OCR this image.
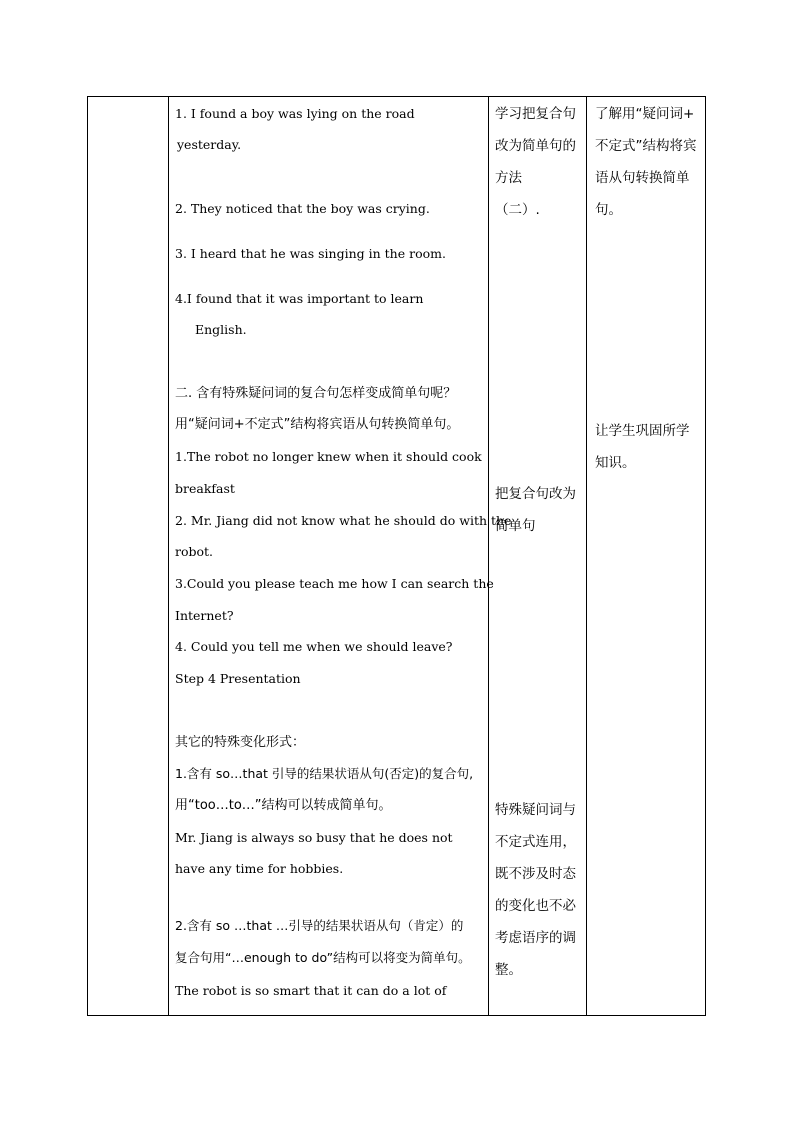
1. I found a boy was lying on the road
yesterday.
2. They noticed that the boy was crying.
3. I heard that he was singing in the room.
4.I found that it was important to learn
English.
二. 含有特殊疑问词的复合句怎样变成简单句呢？
用“疑问词+不定式”结构将宾语从句转换简单句。
1.The robot no longer knew when it should cook
breakfast
2. Mr. Jiang did not know what he should do with the
robot.
3.Could you please teach me how I can search the
Internet?
4. Could you tell me when we should leave?
Step 4 Presentation
其它的特殊变化形式：
1.含有 so…that 引导的结果状语从句(否定)的复合句,
用“too…to…”结构可以转成简单句。
Mr. Jiang is always so busy that he does not
have any time for hobbies.
2.含有 so …that …引导的结果状语从句（肯定）的
复合句用“…enough to do”结构可以将变为简单句。
The robot is so smart that it can do a lot of
学习把复合句
改为简单句的
方法
（二）.
把复合句改为
简单句
特殊疑问词与
不定式连用，
既不涉及时态
的变化也不必
考虑语序的调
整。
了解用“疑问词+
不定式”结构将宾
语从句转换简单
句。
让学生巩固所学
知识。
